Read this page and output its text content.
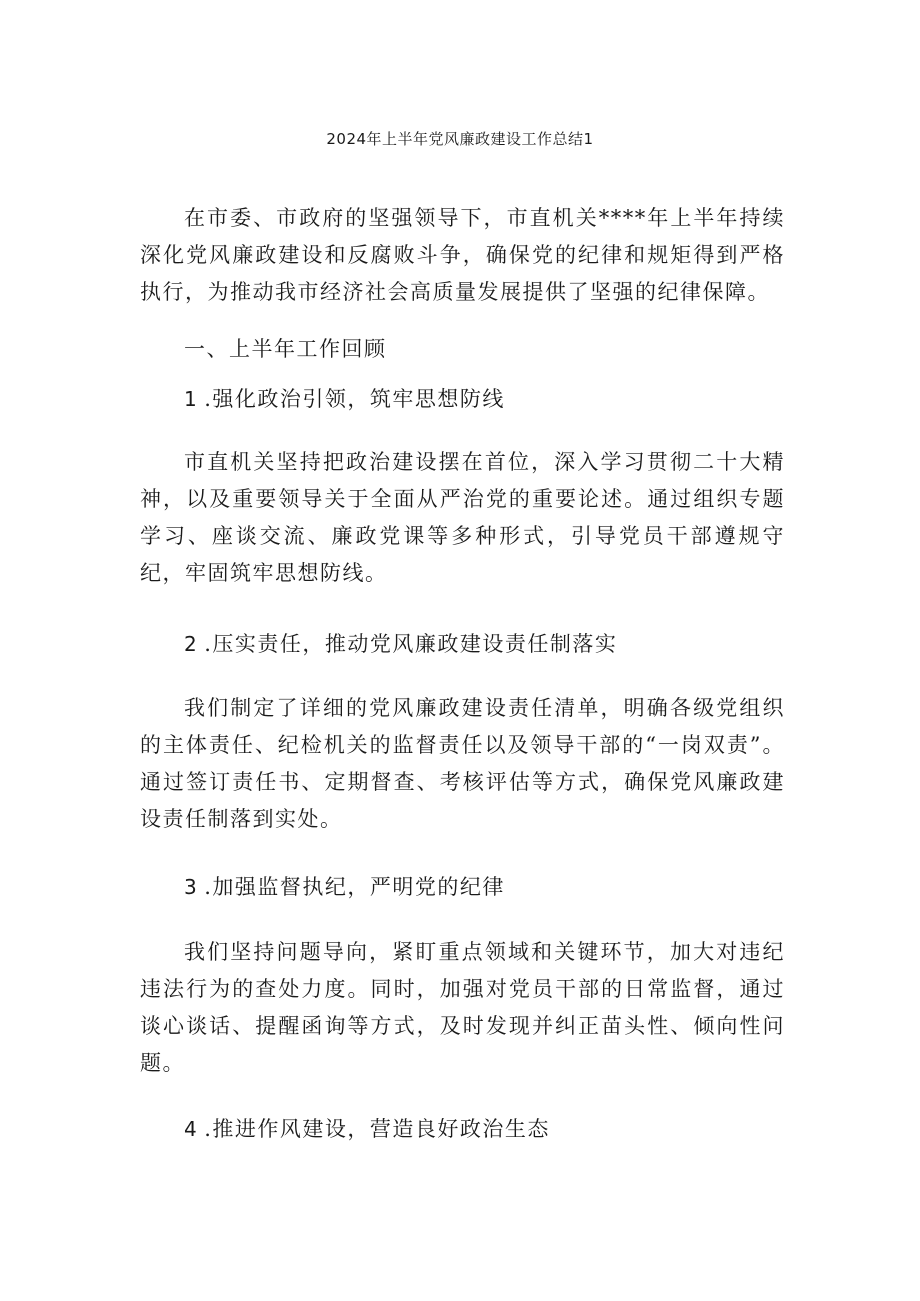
2024年上半年党风廉政建设工作总结1

在市委、市政府的坚强领导下，市直机关****年上半年持续深化党风廉政建设和反腐败斗争，确保党的纪律和规矩得到严格执行，为推动我市经济社会高质量发展提供了坚强的纪律保障。

一、上半年工作回顾

1 .强化政治引领，筑牢思想防线

市直机关坚持把政治建设摆在首位，深入学习贯彻二十大精神，以及重要领导关于全面从严治党的重要论述。通过组织专题学习、座谈交流、廉政党课等多种形式，引导党员干部遵规守纪，牢固筑牢思想防线。

2 .压实责任，推动党风廉政建设责任制落实

我们制定了详细的党风廉政建设责任清单，明确各级党组织的主体责任、纪检机关的监督责任以及领导干部的“一岗双责”。通过签订责任书、定期督查、考核评估等方式，确保党风廉政建设责任制落到实处。

3 .加强监督执纪，严明党的纪律

我们坚持问题导向，紧盯重点领域和关键环节，加大对违纪违法行为的查处力度。同时，加强对党员干部的日常监督，通过谈心谈话、提醒函询等方式，及时发现并纠正苗头性、倾向性问题。

4 .推进作风建设，营造良好政治生态
